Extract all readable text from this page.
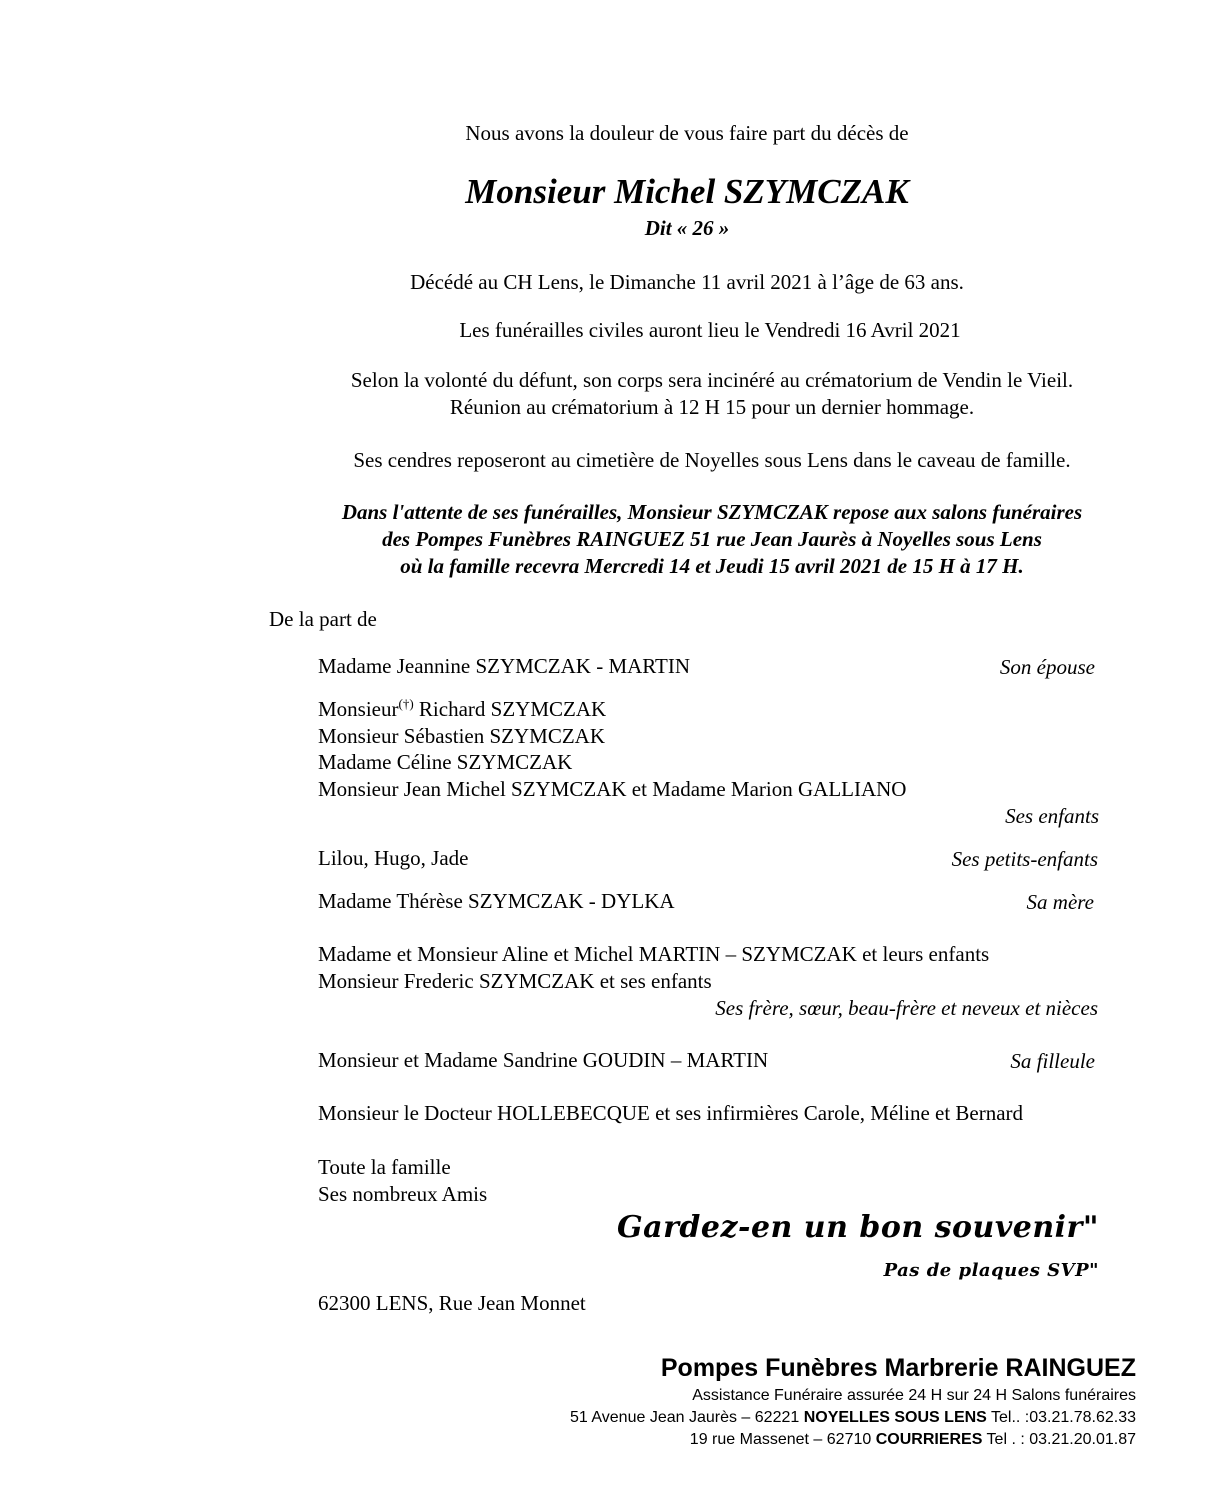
Nous avons la douleur de vous faire part du décès de
Monsieur Michel SZYMCZAK
Dit « 26 »
Décédé au CH Lens, le Dimanche 11 avril 2021 à l’âge de 63 ans.
Les funérailles civiles auront lieu le Vendredi 16 Avril 2021
Selon la volonté du défunt, son corps sera incinéré au crématorium de Vendin le Vieil.
Réunion au crématorium à 12 H 15 pour un dernier hommage.
Ses cendres reposeront au cimetière de Noyelles sous Lens dans le caveau de famille.
Dans l'attente de ses funérailles, Monsieur SZYMCZAK repose aux salons funéraires
des Pompes Funèbres RAINGUEZ 51 rue Jean Jaurès à Noyelles sous Lens
où la famille recevra Mercredi 14 et Jeudi 15 avril 2021 de 15 H à 17 H.
De la part de
Madame Jeannine SZYMCZAK - MARTIN	Son épouse
Monsieur(†) Richard SZYMCZAK
Monsieur Sébastien SZYMCZAK
Madame Céline SZYMCZAK
Monsieur Jean Michel SZYMCZAK et Madame Marion GALLIANO
Ses enfants
Lilou, Hugo, Jade	Ses petits-enfants
Madame Thérèse SZYMCZAK - DYLKA	Sa mère
Madame et Monsieur Aline et Michel MARTIN – SZYMCZAK et leurs enfants
Monsieur Frederic SZYMCZAK et ses enfants
Ses frère, sœur, beau-frère et neveux et nièces
Monsieur et Madame Sandrine GOUDIN – MARTIN	Sa filleule
Monsieur le Docteur HOLLEBECQUE et ses infirmières Carole, Méline et Bernard
Toute la famille
Ses nombreux Amis
Gardez-en un bon souvenir"
Pas de plaques SVP"
62300 LENS, Rue Jean Monnet
Pompes Funèbres Marbrerie RAINGUEZ
Assistance Funéraire assurée 24 H sur 24 H Salons funéraires
51 Avenue Jean Jaurès – 62221 NOYELLES SOUS LENS Tel.. :03.21.78.62.33
19 rue Massenet – 62710 COURRIERES Tel . : 03.21.20.01.87
